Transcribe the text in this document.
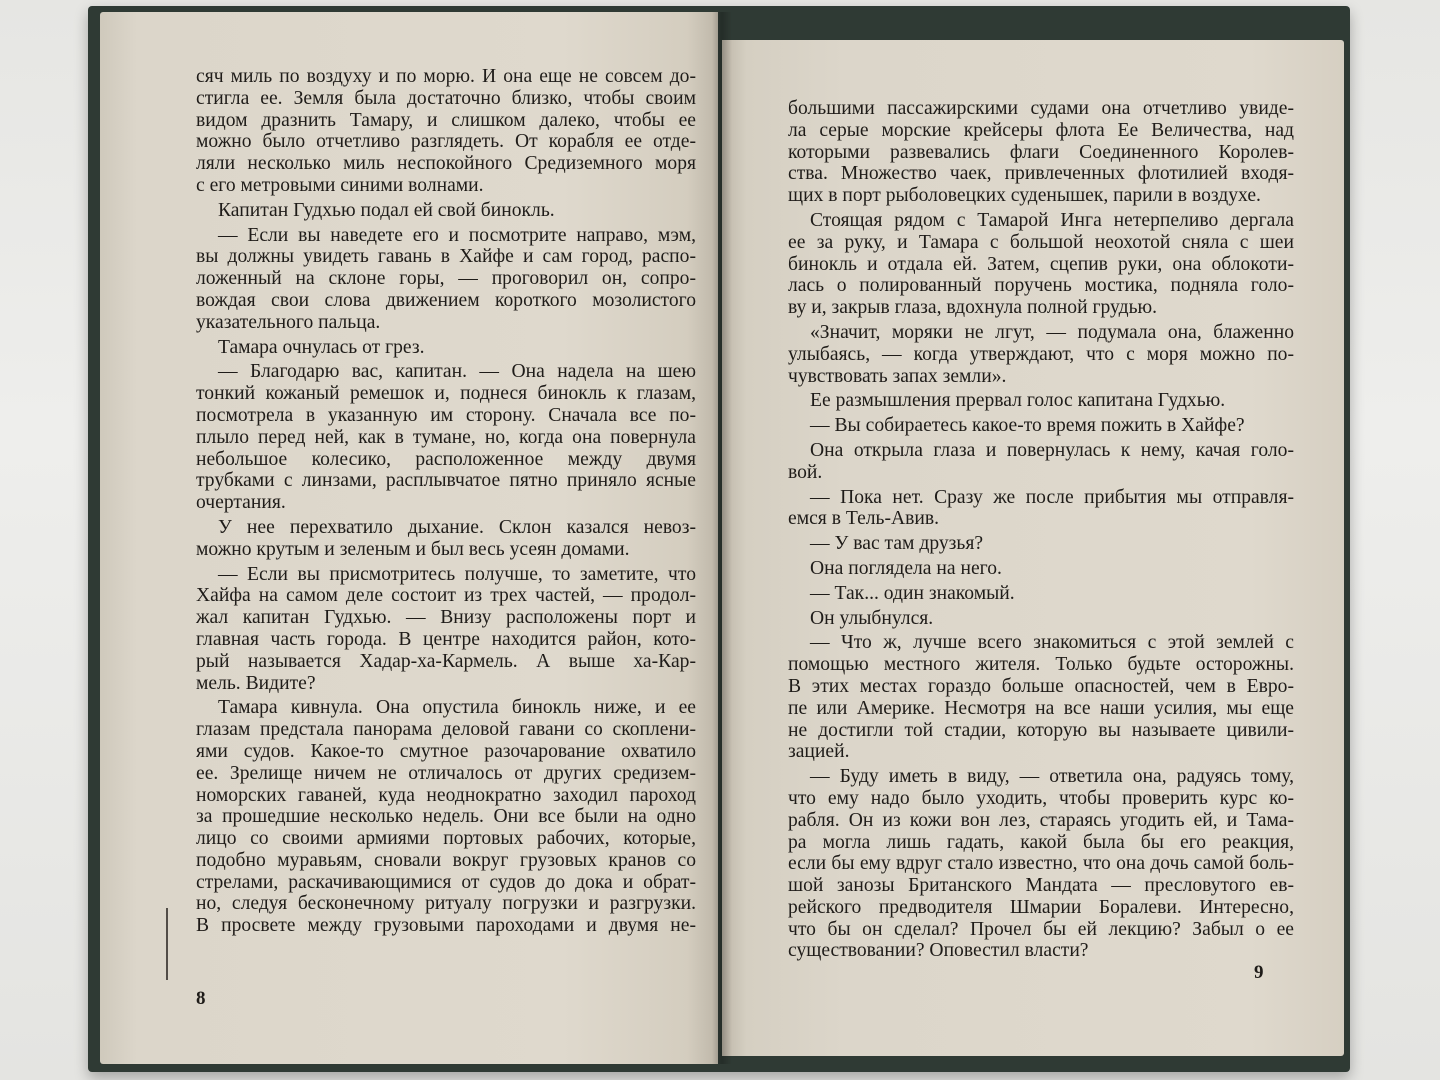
сяч миль по воздуху и по морю. И она еще не совсем до-
стигла ее. Земля была достаточно близко, чтобы своим
видом дразнить Тамару, и слишком далеко, чтобы ее
можно было отчетливо разглядеть. От корабля ее отде-
ляли несколько миль неспокойного Средиземного моря
с его метровыми синими волнами.
Капитан Гудхью подал ей свой бинокль.
— Если вы наведете его и посмотрите направо, мэм,
вы должны увидеть гавань в Хайфе и сам город, распо-
ложенный на склоне горы, — проговорил он, сопро-
вождая свои слова движением короткого мозолистого
указательного пальца.
Тамара очнулась от грез.
— Благодарю вас, капитан. — Она надела на шею
тонкий кожаный ремешок и, поднеся бинокль к глазам,
посмотрела в указанную им сторону. Сначала все по-
плыло перед ней, как в тумане, но, когда она повернула
небольшое колесико, расположенное между двумя
трубками с линзами, расплывчатое пятно приняло ясные
очертания.
У нее перехватило дыхание. Склон казался невоз-
можно крутым и зеленым и был весь усеян домами.
— Если вы присмотритесь получше, то заметите, что
Хайфа на самом деле состоит из трех частей, — продол-
жал капитан Гудхью. — Внизу расположены порт и
главная часть города. В центре находится район, кото-
рый называется Хадар-ха-Кармель. А выше ха-Кар-
мель. Видите?
Тамара кивнула. Она опустила бинокль ниже, и ее
глазам предстала панорама деловой гавани со скоплени-
ями судов. Какое-то смутное разочарование охватило
ее. Зрелище ничем не отличалось от других средизем-
номорских гаваней, куда неоднократно заходил пароход
за прошедшие несколько недель. Они все были на одно
лицо со своими армиями портовых рабочих, которые,
подобно муравьям, сновали вокруг грузовых кранов со
стрелами, раскачивающимися от судов до дока и обрат-
но, следуя бесконечному ритуалу погрузки и разгрузки.
В просвете между грузовыми пароходами и двумя не-
8
большими пассажирскими судами она отчетливо увиде-
ла серые морские крейсеры флота Ее Величества, над
которыми развевались флаги Соединенного Королев-
ства. Множество чаек, привлеченных флотилией входя-
щих в порт рыболовецких суденышек, парили в воздухе.
Стоящая рядом с Тамарой Инга нетерпеливо дергала
ее за руку, и Тамара с большой неохотой сняла с шеи
бинокль и отдала ей. Затем, сцепив руки, она облокоти-
лась о полированный поручень мостика, подняла голо-
ву и, закрыв глаза, вдохнула полной грудью.
«Значит, моряки не лгут, — подумала она, блаженно
улыбаясь, — когда утверждают, что с моря можно по-
чувствовать запах земли».
Ее размышления прервал голос капитана Гудхью.
— Вы собираетесь какое-то время пожить в Хайфе?
Она открыла глаза и повернулась к нему, качая голо-
вой.
— Пока нет. Сразу же после прибытия мы отправля-
емся в Тель-Авив.
— У вас там друзья?
Она поглядела на него.
— Так... один знакомый.
Он улыбнулся.
— Что ж, лучше всего знакомиться с этой землей с
помощью местного жителя. Только будьте осторожны.
В этих местах гораздо больше опасностей, чем в Евро-
пе или Америке. Несмотря на все наши усилия, мы еще
не достигли той стадии, которую вы называете цивили-
зацией.
— Буду иметь в виду, — ответила она, радуясь тому,
что ему надо было уходить, чтобы проверить курс ко-
рабля. Он из кожи вон лез, стараясь угодить ей, и Тама-
ра могла лишь гадать, какой была бы его реакция,
если бы ему вдруг стало известно, что она дочь самой боль-
шой занозы Британского Мандата — пресловутого ев-
рейского предводителя Шмарии Боралеви. Интересно,
что бы он сделал? Прочел бы ей лекцию? Забыл о ее
существовании? Оповестил власти?
9
